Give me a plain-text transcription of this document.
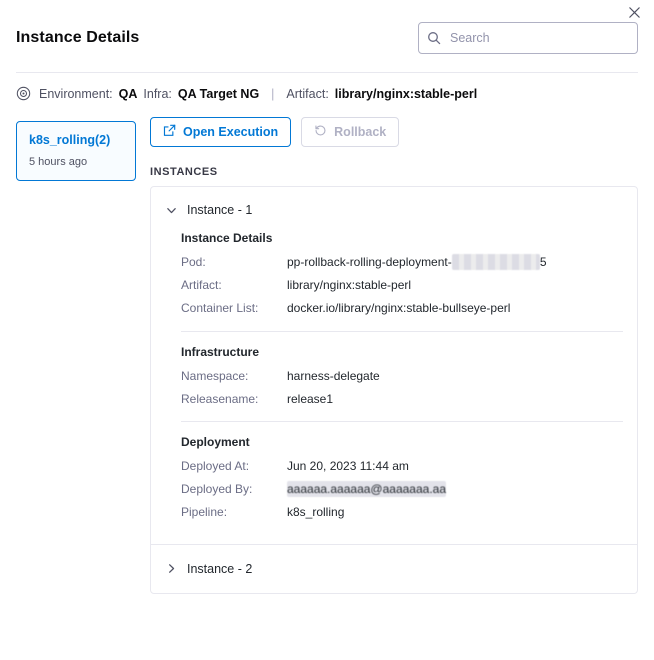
Instance Details
Search
Environment: QA Infra: QA Target NG | Artifact: library/nginx:stable-perl
k8s_rolling(2)
5 hours ago
Open Execution	Rollback
INSTANCES
Instance - 1
Instance Details
Pod:	pp-rollback-rolling-deployment-	5
Artifact:	library/nginx:stable-perl
Container List:	docker.io/library/nginx:stable-bullseye-perl
Infrastructure
Namespace:	harness-delegate
Releasename:	release1
Deployment
Deployed At:	Jun 20, 2023 11:44 am
Deployed By:	aaaaaa.aaaaaa@aaaaaaa.aa
Pipeline:	k8s_rolling
Instance - 2
